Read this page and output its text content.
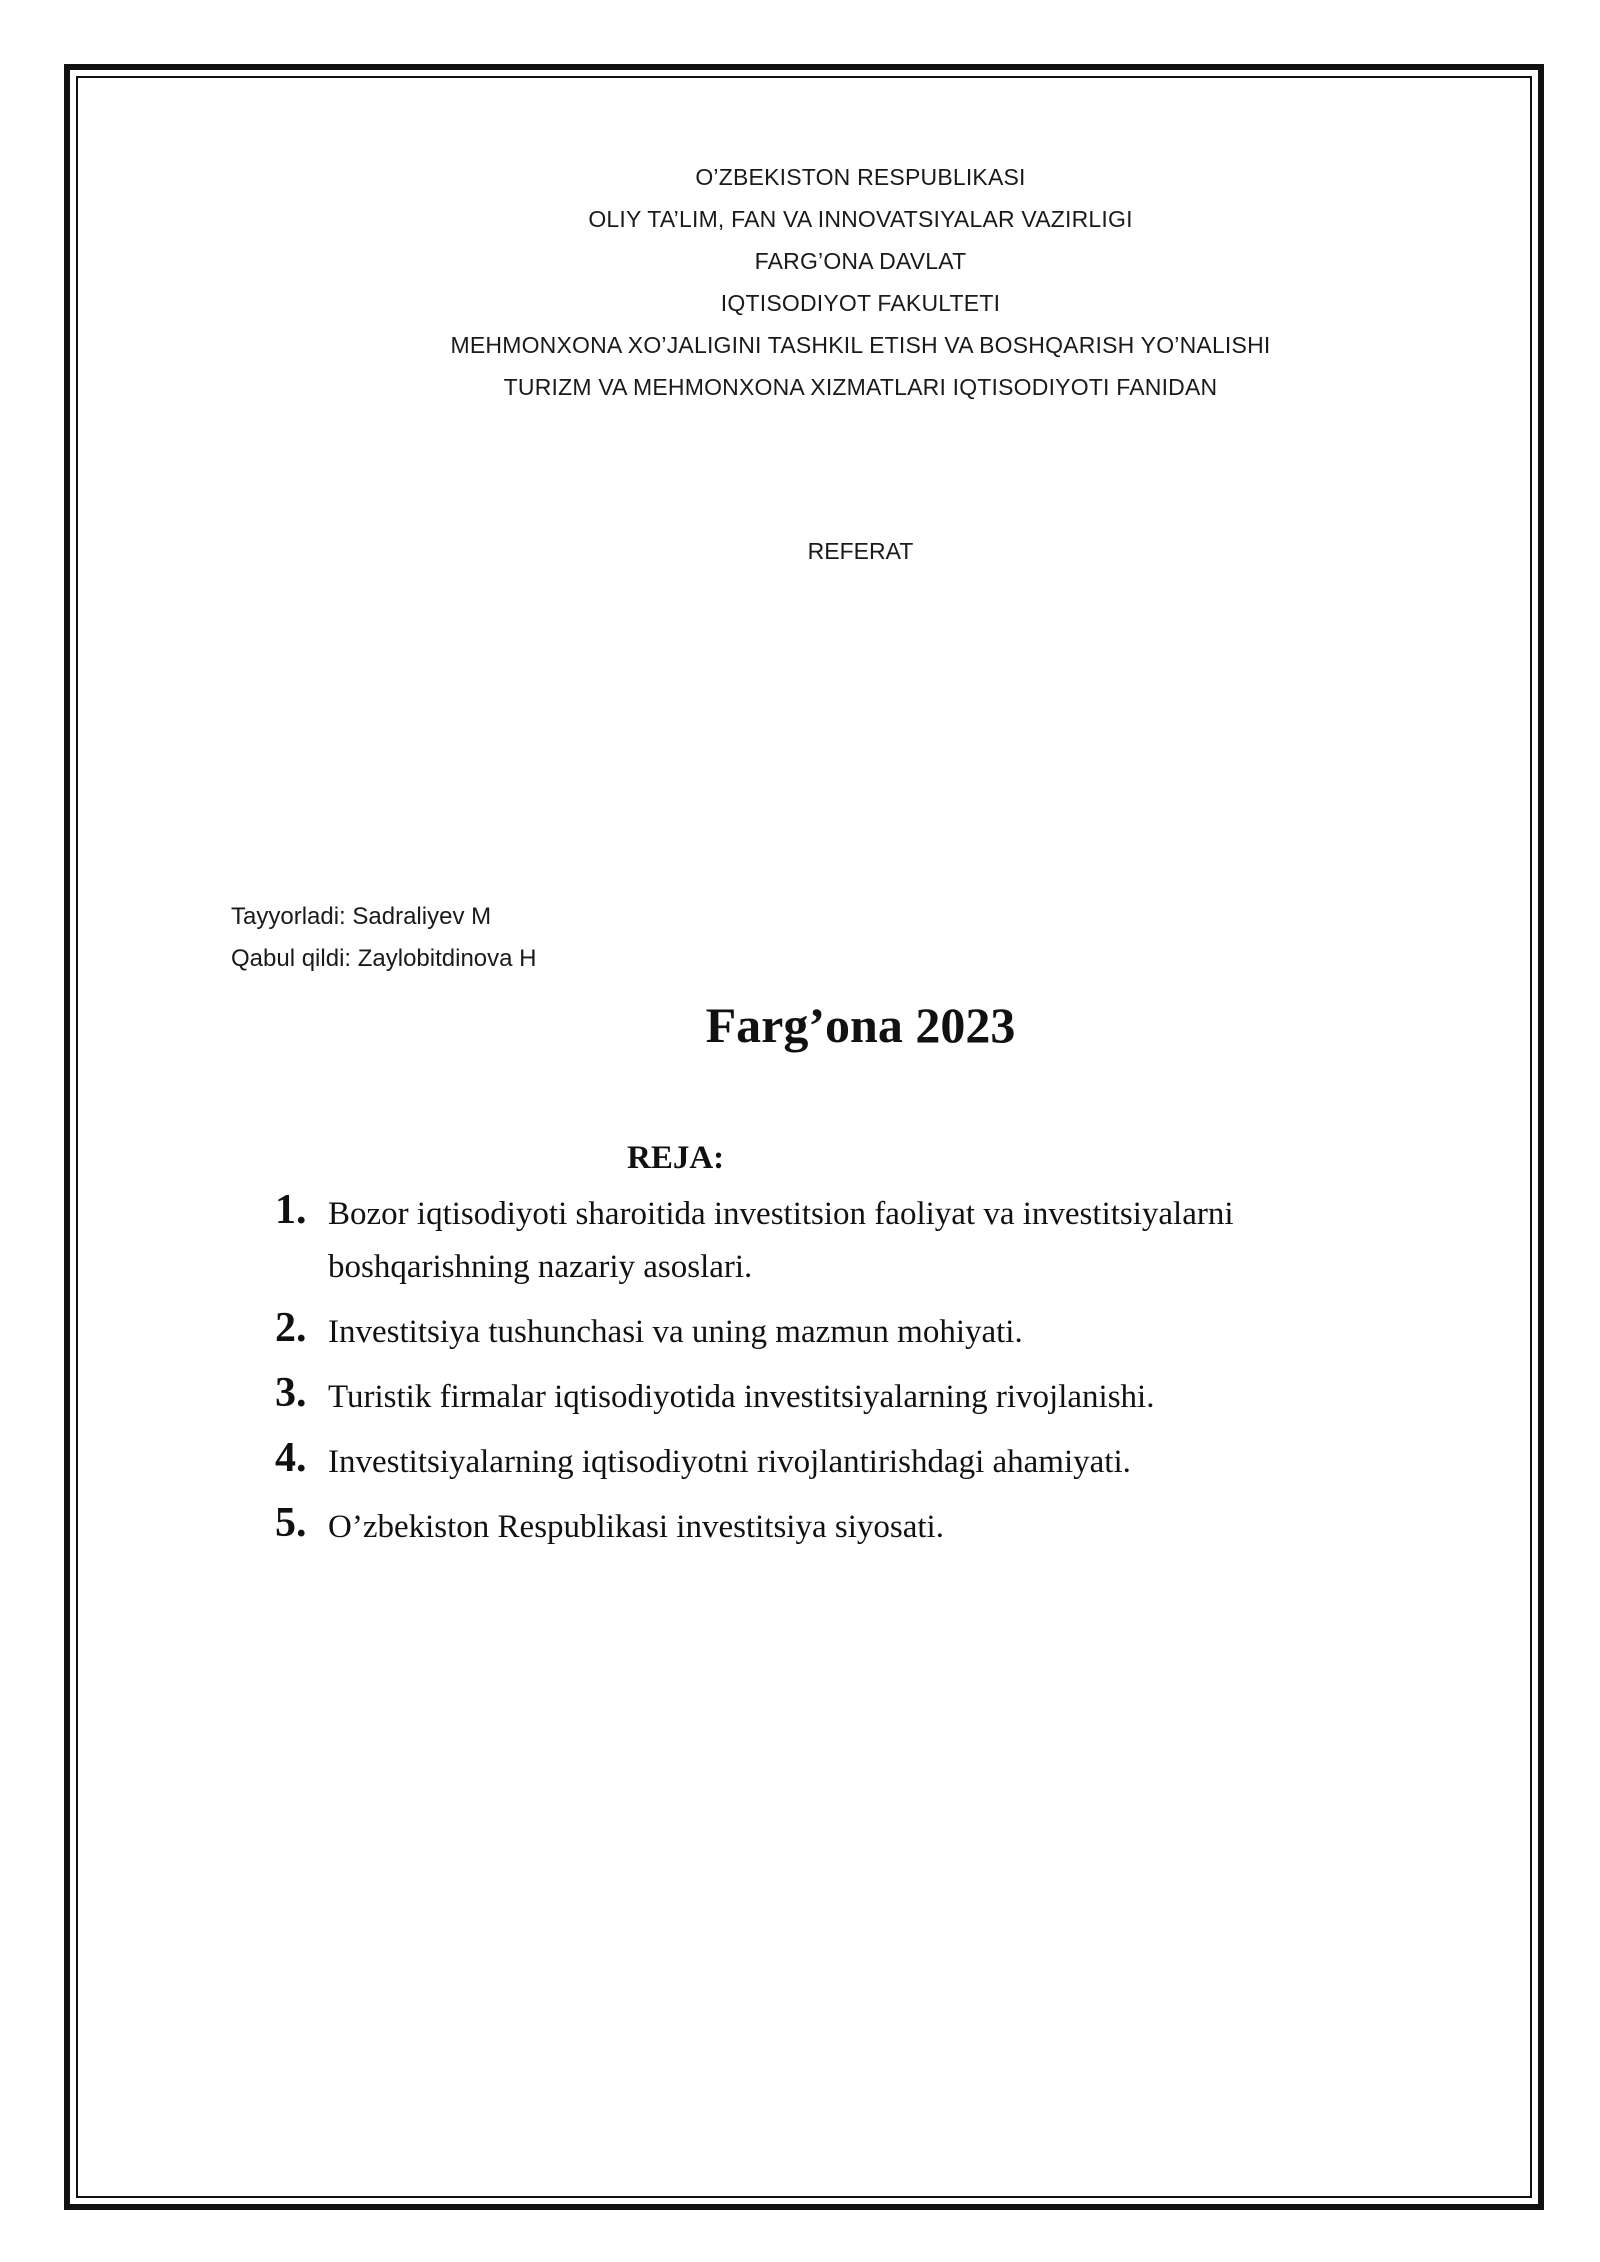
O’ZBEKISTON RESPUBLIKASI
OLIY TA’LIM, FAN VA INNOVATSIYALAR VAZIRLIGI
FARG’ONA DAVLAT
IQTISODIYOT FAKULTETI
MEHMONXONA XO’JALIGINI TASHKIL ETISH VA BOSHQARISH YO’NALISHI
TURIZM VA MEHMONXONA XIZMATLARI IQTISODIYOTI FANIDAN
REFERAT
Tayyorladi: Sadraliyev M
Qabul qildi: Zaylobitdinova H
Farg’ona 2023
REJA:
1. Bozor iqtisodiyoti sharoitida investitsion faoliyat va investitsiyalarni boshqarishning nazariy asoslari.
2. Investitsiya tushunchasi va uning mazmun mohiyati.
3. Turistik firmalar iqtisodiyotida investitsiyalarning rivojlanishi.
4. Investitsiyalarning iqtisodiyotni rivojlantirishdagi ahamiyati.
5. O’zbekiston Respublikasi investitsiya siyosati.
